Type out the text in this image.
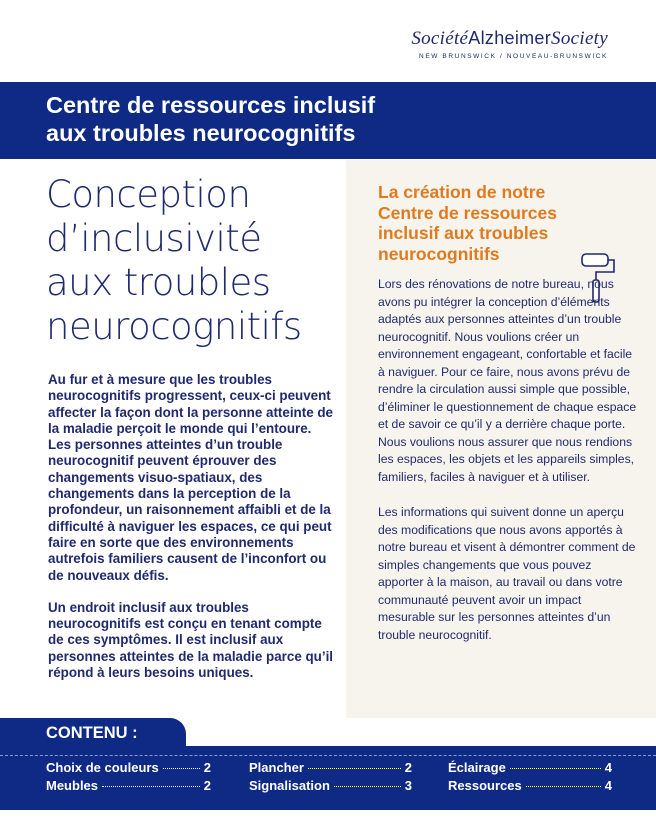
SociétéAlzheimerSociety
NEW BRUNSWICK / NOUVEAU-BRUNSWICK
Centre de ressources inclusif
aux troubles neurocognitifs
Conception
d’inclusivité
aux troubles
neurocognitifs

Au fur et à mesure que les troubles neurocognitifs progressent, ceux-ci peuvent affecter la façon dont la personne atteinte de la maladie perçoit le monde qui l’entoure. Les personnes atteintes d’un trouble neurocognitif peuvent éprouver des changements visuo-spatiaux, des changements dans la perception de la profondeur, un raisonnement affaibli et de la difficulté à naviguer les espaces, ce qui peut faire en sorte que des environnements autrefois familiers causent de l’inconfort ou de nouveaux défis.

Un endroit inclusif aux troubles neurocognitifs est conçu en tenant compte de ces symptômes. Il est inclusif aux personnes atteintes de la maladie parce qu’il répond à leurs besoins uniques.

La création de notre Centre de ressources inclusif aux troubles neurocognitifs

Lors des rénovations de notre bureau, nous avons pu intégrer la conception d’éléments adaptés aux personnes atteintes d’un trouble neurocognitif. Nous voulions créer un environnement engageant, confortable et facile à naviguer. Pour ce faire, nous avons prévu de rendre la circulation aussi simple que possible, d’éliminer le questionnement de chaque espace et de savoir ce qu’il y a derrière chaque porte. Nous voulions nous assurer que nous rendions les espaces, les objets et les appareils simples, familiers, faciles à naviguer et à utiliser.

Les informations qui suivent donne un aperçu des modifications que nous avons apportés à notre bureau et visent à démontrer comment de simples changements que vous pouvez apporter à la maison, au travail ou dans votre communauté peuvent avoir un impact mesurable sur les personnes atteintes d’un trouble neurocognitif.

CONTENU :
Choix de couleurs	2
Meubles	2
Plancher	2
Signalisation	3
Éclairage	4
Ressources	4
